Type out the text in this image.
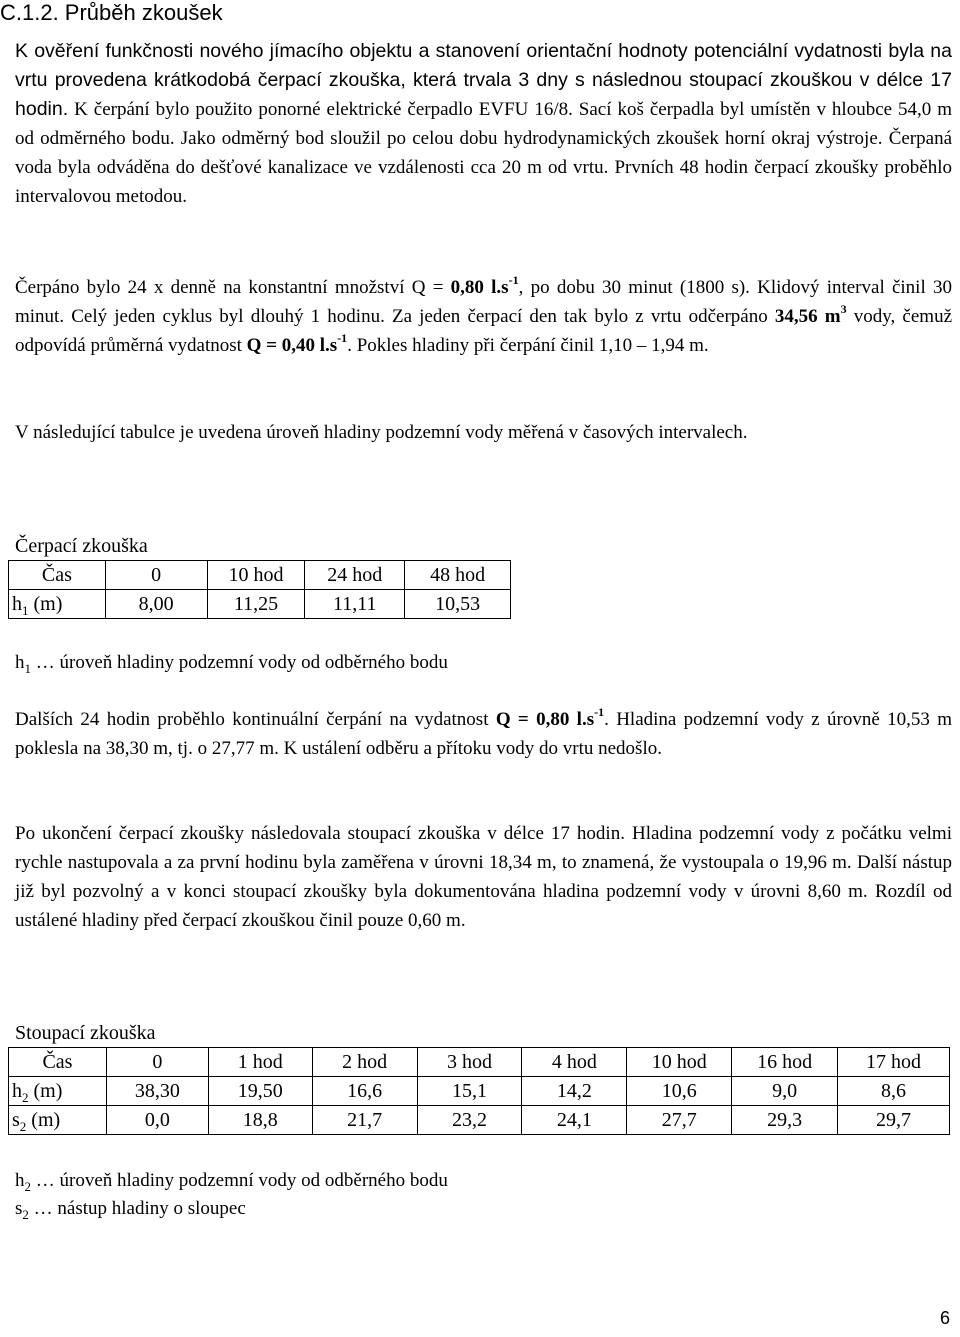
C.1.2. Průběh zkoušek
K ověření funkčnosti nového jímacího objektu a stanovení orientační hodnoty potenciální vydatnosti byla na vrtu provedena krátkodobá čerpací zkouška, která trvala 3 dny s následnou stoupací zkouškou v délce 17 hodin. K čerpání bylo použito ponorné elektrické čerpadlo EVFU 16/8. Sací koš čerpadla byl umístěn v hloubce 54,0 m od odměrného bodu. Jako odměrný bod sloužil po celou dobu hydrodynamických zkoušek horní okraj výstroje. Čerpaná voda byla odváděna do dešťové kanalizace ve vzdálenosti cca 20 m od vrtu. Prvních 48 hodin čerpací zkoušky proběhlo intervalovou metodou.
Čerpáno bylo 24 x denně na konstantní množství Q = 0,80 $l.s^{-1}$, po dobu 30 minut (1800 s). Klidový interval činil 30 minut. Celý jeden cyklus byl dlouhý 1 hodinu. Za jeden čerpací den tak bylo z vrtu odčerpáno 34,56 $m^3$ vody, čemuž odpovídá průměrná vydatnost Q = 0,40 $l.s^{-1}$. Pokles hladiny při čerpání činil 1,10 – 1,94 m.
V následující tabulce je uvedena úroveň hladiny podzemní vody měřená v časových intervalech.
Čerpací zkouška
Čas	0	10 hod	24 hod	48 hod
$h_1$ (m)	8,00	11,25	11,11	10,53
$h_1$ … úroveň hladiny podzemní vody od odběrného bodu
Dalších 24 hodin proběhlo kontinuální čerpání na vydatnost Q = 0,80 $l.s^{-1}$. Hladina podzemní vody z úrovně 10,53 m poklesla na 38,30 m, tj. o 27,77 m. K ustálení odběru a přítoku vody do vrtu nedošlo.
Po ukončení čerpací zkoušky následovala stoupací zkouška v délce 17 hodin. Hladina podzemní vody z počátku velmi rychle nastupovala a za první hodinu byla zaměřena v úrovni 18,34 m, to znamená, že vystoupala o 19,96 m. Další nástup již byl pozvolný a v konci stoupací zkoušky byla dokumentována hladina podzemní vody v úrovni 8,60 m. Rozdíl od ustálené hladiny před čerpací zkouškou činil pouze 0,60 m.
Stoupací zkouška
Čas	0	1 hod	2 hod	3 hod	4 hod	10 hod	16 hod	17 hod
$h_2$ (m)	38,30	19,50	16,6	15,1	14,2	10,6	9,0	8,6
$s_2$ (m)	0,0	18,8	21,7	23,2	24,1	27,7	29,3	29,7
$h_2$ … úroveň hladiny podzemní vody od odběrného bodu
$s_2$ … nástup hladiny o sloupec
6
